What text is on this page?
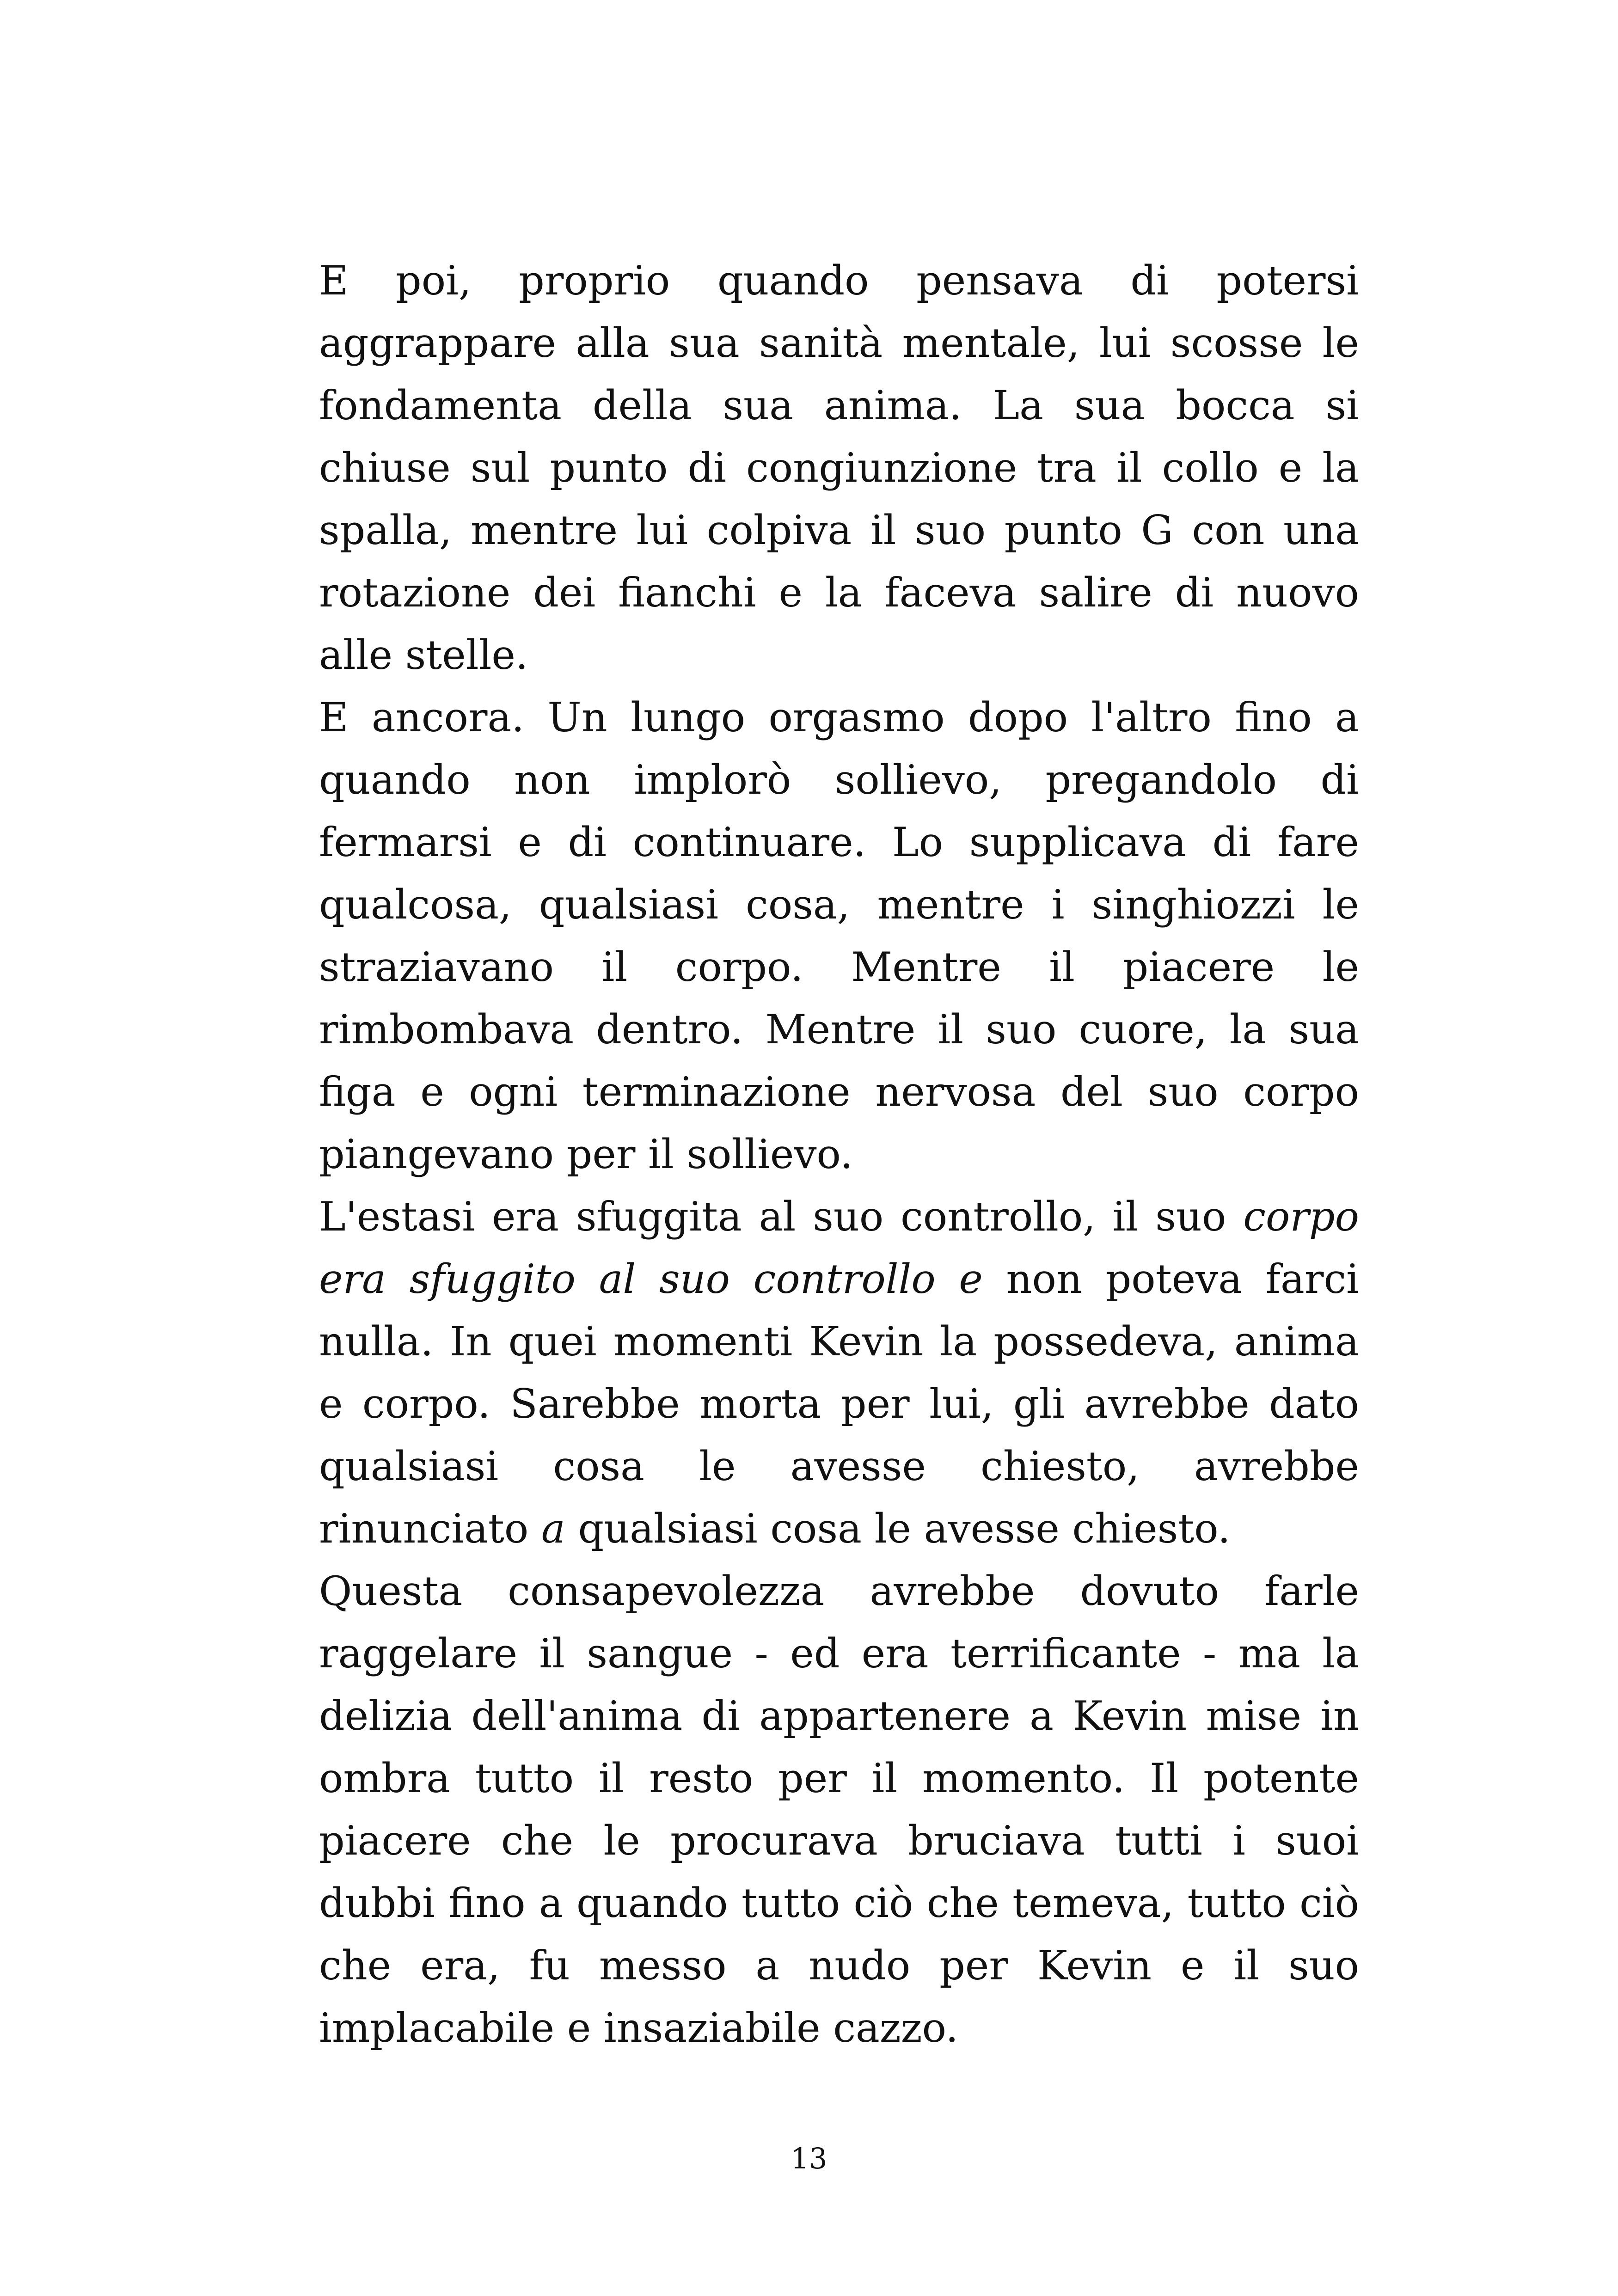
E poi, proprio quando pensava di potersi aggrappare alla sua sanità mentale, lui scosse le fondamenta della sua anima. La sua bocca si chiuse sul punto di congiunzione tra il collo e la spalla, mentre lui colpiva il suo punto G con una rotazione dei fianchi e la faceva salire di nuovo alle stelle.

E ancora. Un lungo orgasmo dopo l'altro fino a quando non implorò sollievo, pregandolo di fermarsi e di continuare. Lo supplicava di fare qualcosa, qualsiasi cosa, mentre i singhiozzi le straziavano il corpo. Mentre il piacere le rimbombava dentro. Mentre il suo cuore, la sua figa e ogni terminazione nervosa del suo corpo piangevano per il sollievo.

L'estasi era sfuggita al suo controllo, il suo corpo era sfuggito al suo controllo e non poteva farci nulla. In quei momenti Kevin la possedeva, anima e corpo. Sarebbe morta per lui, gli avrebbe dato qualsiasi cosa le avesse chiesto, avrebbe rinunciato a qualsiasi cosa le avesse chiesto.

Questa consapevolezza avrebbe dovuto farle raggelare il sangue - ed era terrificante - ma la delizia dell'anima di appartenere a Kevin mise in ombra tutto il resto per il momento. Il potente piacere che le procurava bruciava tutti i suoi dubbi fino a quando tutto ciò che temeva, tutto ciò che era, fu messo a nudo per Kevin e il suo implacabile e insaziabile cazzo.

13
